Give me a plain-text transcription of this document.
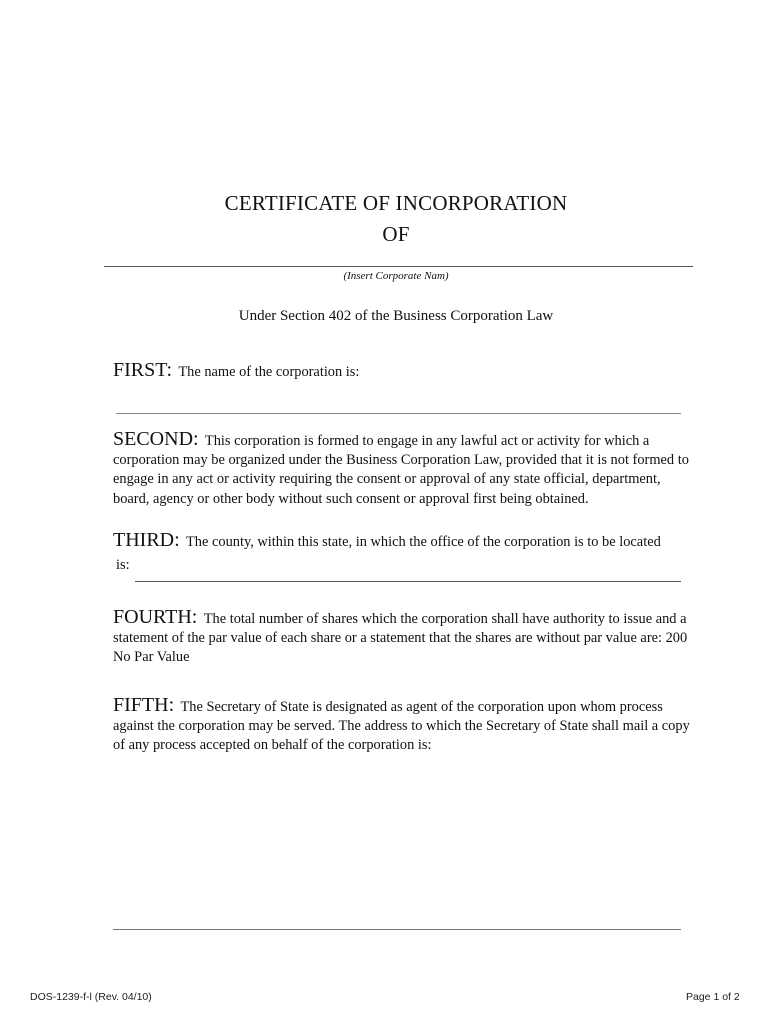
CERTIFICATE OF INCORPORATION
OF
(Insert Corporate Nam)
Under Section 402 of the Business Corporation Law
FIRST: The name of the corporation is:
SECOND: This corporation is formed to engage in any lawful act or activity for which a corporation may be organized under the Business Corporation Law, provided that it is not formed to engage in any act or activity requiring the consent or approval of any state official, department, board, agency or other body without such consent or approval first being obtained.
THIRD: The county, within this state, in which the office of the corporation is to be located
is:
FOURTH: The total number of shares which the corporation shall have authority to issue and a statement of the par value of each share or a statement that the shares are without par value are: 200 No Par Value
FIFTH: The Secretary of State is designated as agent of the corporation upon whom process against the corporation may be served. The address to which the Secretary of State shall mail a copy of any process accepted on behalf of the corporation is:
DOS-1239-f-l (Rev. 04/10)	Page 1 of 2
